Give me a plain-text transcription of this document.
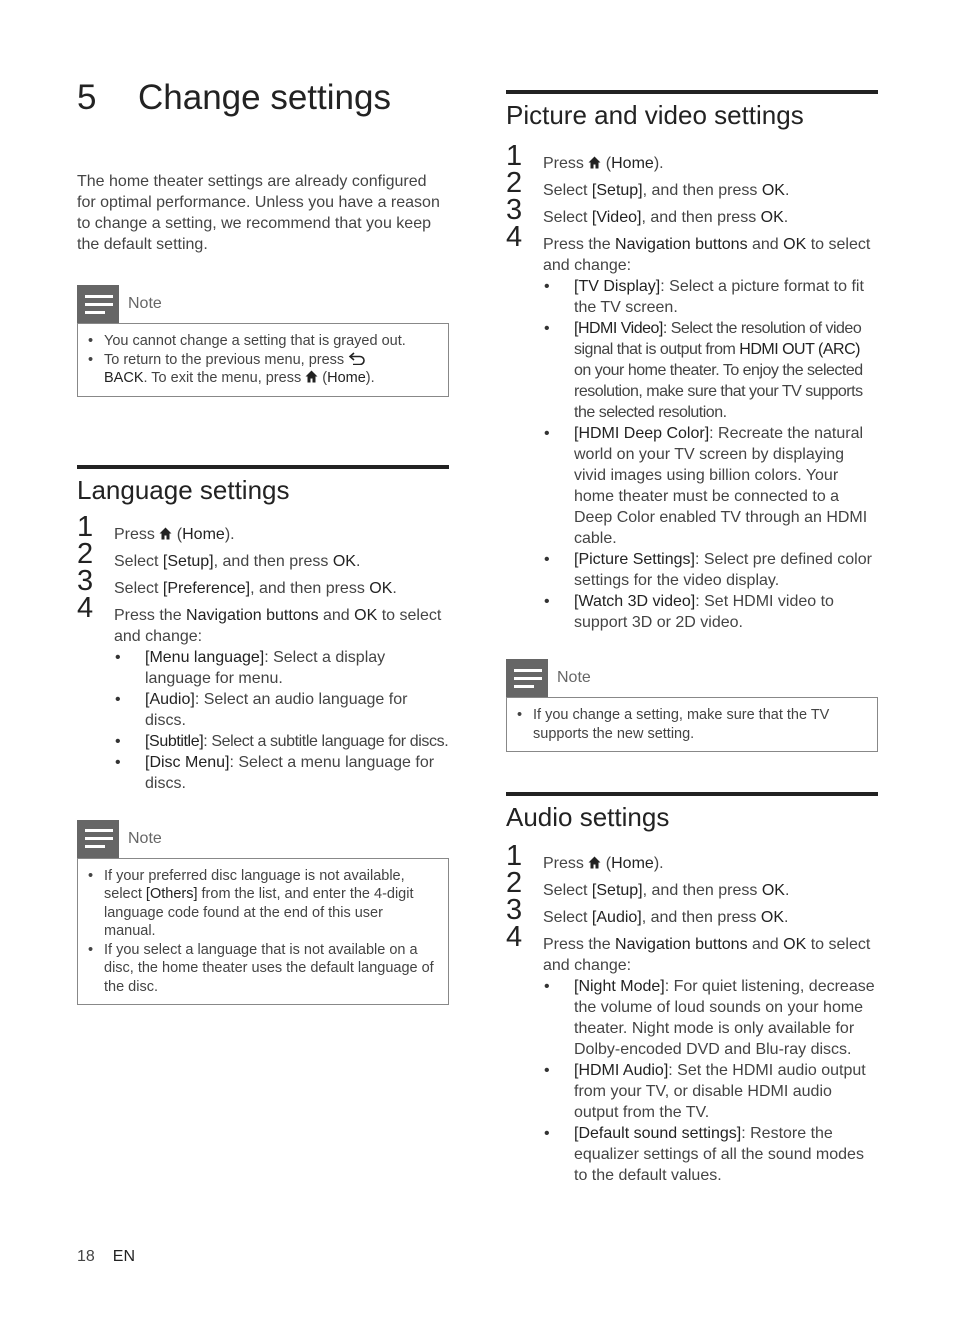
5	Change settings
The home theater settings are already configured for optimal performance. Unless you have a reason to change a setting, we recommend that you keep the default setting.
Note
• You cannot change a setting that is grayed out.
• To return to the previous menu, press
BACK. To exit the menu, press  (Home).
Language settings
1 Press  (Home).
2 Select [Setup], and then press OK.
3 Select [Preference], and then press OK.
4 Press the Navigation buttons and OK to select and change:
• [Menu language]: Select a display language for menu.
• [Audio]: Select an audio language for discs.
• [Subtitle]: Select a subtitle language for discs.
• [Disc Menu]: Select a menu language for discs.
Note
• If your preferred disc language is not available, select [Others] from the list, and enter the 4-digit language code found at the end of this user manual.
• If you select a language that is not available on a disc, the home theater uses the default language of the disc.
Picture and video settings
1 Press  (Home).
2 Select [Setup], and then press OK.
3 Select [Video], and then press OK.
4 Press the Navigation buttons and OK to select and change:
• [TV Display]: Select a picture format to fit the TV screen.
• [HDMI Video]: Select the resolution of video signal that is output from HDMI OUT (ARC) on your home theater. To enjoy the selected resolution, make sure that your TV supports the selected resolution.
• [HDMI Deep Color]: Recreate the natural world on your TV screen by displaying vivid images using billion colors. Your home theater must be connected to a Deep Color enabled TV through an HDMI cable.
• [Picture Settings]: Select pre defined color settings for the video display.
• [Watch 3D video]: Set HDMI video to support 3D or 2D video.
Note
• If you change a setting, make sure that the TV supports the new setting.
Audio settings
1 Press  (Home).
2 Select [Setup], and then press OK.
3 Select [Audio], and then press OK.
4 Press the Navigation buttons and OK to select and change:
• [Night Mode]: For quiet listening, decrease the volume of loud sounds on your home theater. Night mode is only available for Dolby-encoded DVD and Blu-ray discs.
• [HDMI Audio]: Set the HDMI audio output from your TV, or disable HDMI audio output from the TV.
• [Default sound settings]: Restore the equalizer settings of all the sound modes to the default values.
18 EN
